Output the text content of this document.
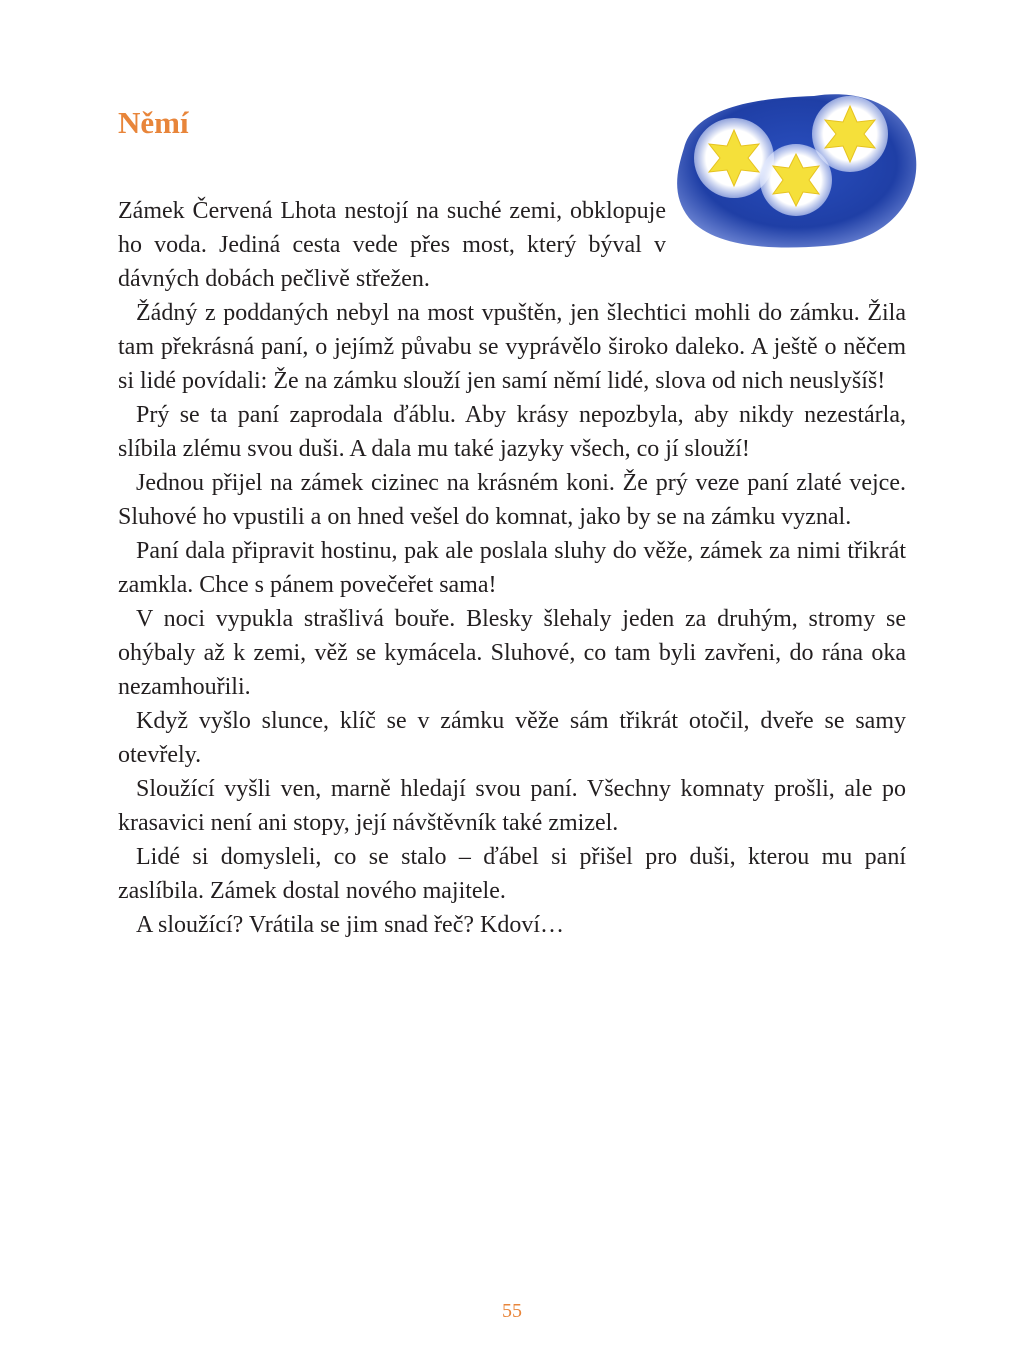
Němí

Zámek Červená Lhota nestojí na suché zemi, obklopuje ho voda. Jediná cesta vede přes most, který býval v dávných dobách pečlivě střežen.

Žádný z poddaných nebyl na most vpuštěn, jen šlechtici mohli do zámku. Žila tam překrásná paní, o jejímž půvabu se vyprávělo široko daleko. A ještě o něčem si lidé povídali: Že na zámku slouží jen samí němí lidé, slova od nich neuslyšíš!

Prý se ta paní zaprodala ďáblu. Aby krásy nepozbyla, aby nikdy nezestárla, slíbila zlému svou duši. A dala mu také jazyky všech, co jí slouží!

Jednou přijel na zámek cizinec na krásném koni. Že prý veze paní zlaté vejce. Sluhové ho vpustili a on hned vešel do komnat, jako by se na zámku vyznal.

Paní dala připravit hostinu, pak ale poslala sluhy do věže, zámek za nimi třikrát zamkla. Chce s pánem povečeřet sama!

V noci vypukla strašlivá bouře. Blesky šlehaly jeden za druhým, stromy se ohýbaly až k zemi, věž se kymácela. Sluhové, co tam byli zavřeni, do rána oka nezamhouřili.

Když vyšlo slunce, klíč se v zámku věže sám třikrát otočil, dveře se samy otevřely.

Sloužící vyšli ven, marně hledají svou paní. Všechny komnaty prošli, ale po krasavici není ani stopy, její návštěvník také zmizel.

Lidé si domysleli, co se stalo – ďábel si přišel pro duši, kterou mu paní zaslíbila. Zámek dostal nového majitele.

A sloužící? Vrátila se jim snad řeč? Kdoví…

55
